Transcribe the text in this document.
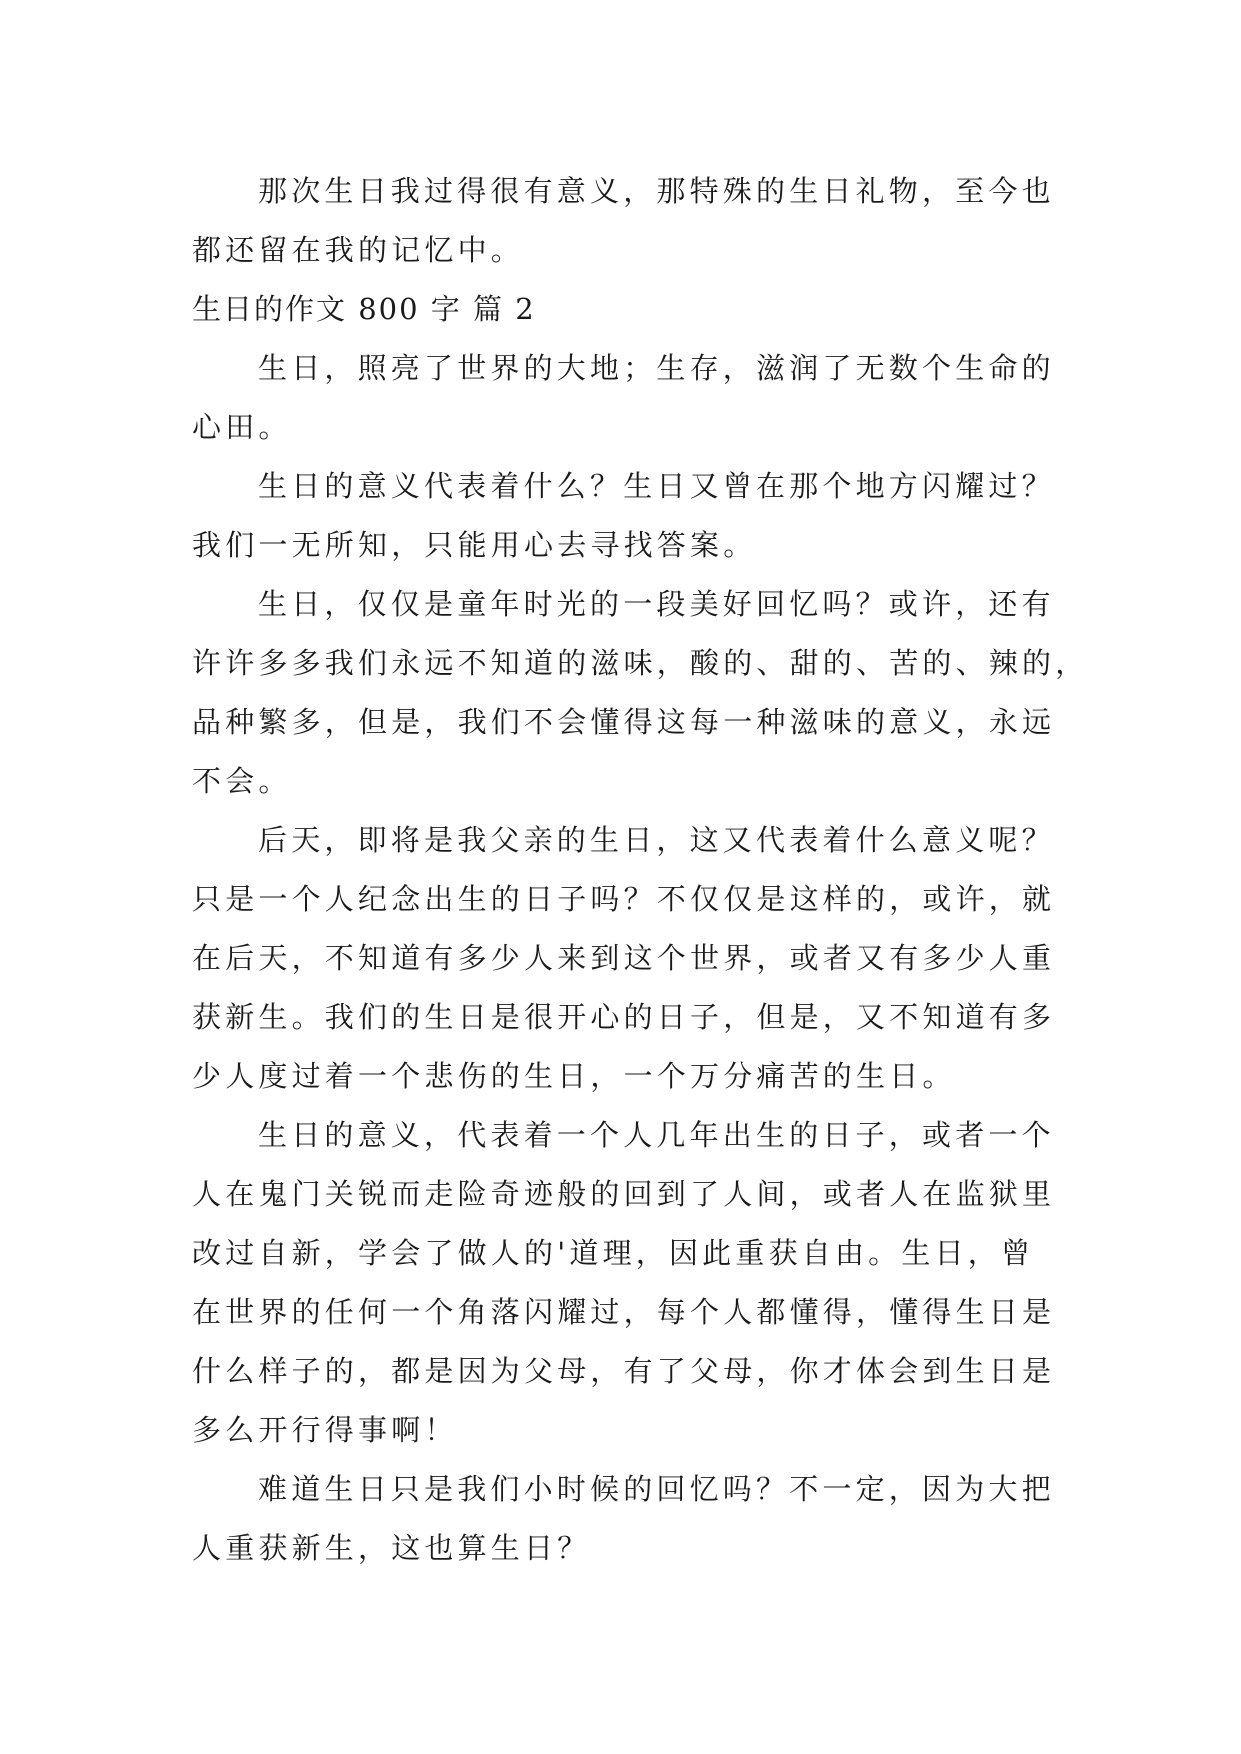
那次生日我过得很有意义，那特殊的生日礼物，至今也
都还留在我的记忆中。

生日的作文 800 字 篇 2

生日，照亮了世界的大地；生存，滋润了无数个生命的
心田。

生日的意义代表着什么？生日又曾在那个地方闪耀过？
我们一无所知，只能用心去寻找答案。

生日，仅仅是童年时光的一段美好回忆吗？或许，还有
许许多多我们永远不知道的滋味，酸的、甜的、苦的、辣的，
品种繁多，但是，我们不会懂得这每一种滋味的意义，永远
不会。

后天，即将是我父亲的生日，这又代表着什么意义呢？
只是一个人纪念出生的日子吗？不仅仅是这样的，或许，就
在后天，不知道有多少人来到这个世界，或者又有多少人重
获新生。我们的生日是很开心的日子，但是，又不知道有多
少人度过着一个悲伤的生日，一个万分痛苦的生日。

生日的意义，代表着一个人几年出生的日子，或者一个
人在鬼门关锐而走险奇迹般的回到了人间，或者人在监狱里
改过自新，学会了做人的'道理，因此重获自由。生日，曾
在世界的任何一个角落闪耀过，每个人都懂得，懂得生日是
什么样子的，都是因为父母，有了父母，你才体会到生日是
多么开行得事啊！

难道生日只是我们小时候的回忆吗？不一定，因为大把
人重获新生，这也算生日？
